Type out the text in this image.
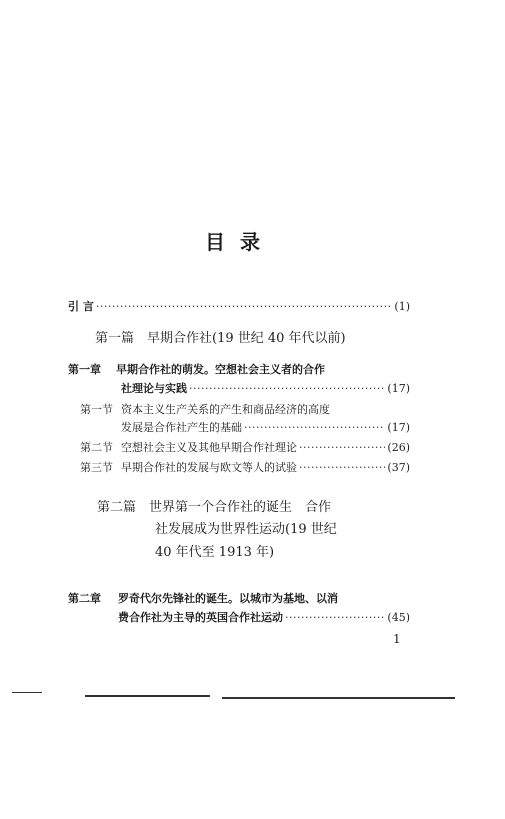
目 录
引 言 ·····	(1)
第一篇　早期合作社(19 世纪 40 年代以前)
第一章	早期合作社的萌发。空想社会主义者的合作
社理论与实践 ·····	(17)
第一节 资本主义生产关系的产生和商品经济的高度
发展是合作社产生的基础 ·····	(17)
第二节 空想社会主义及其他早期合作社理论 ·····	(26)
第三节 早期合作社的发展与欧文等人的试验 ·····	(37)
第二篇　世界第一个合作社的诞生　合作
社发展成为世界性运动(19 世纪
40 年代至 1913 年)
第二章	罗奇代尔先锋社的诞生。以城市为基地、以消
费合作社为主导的英国合作社运动 ·····	(45)
1
